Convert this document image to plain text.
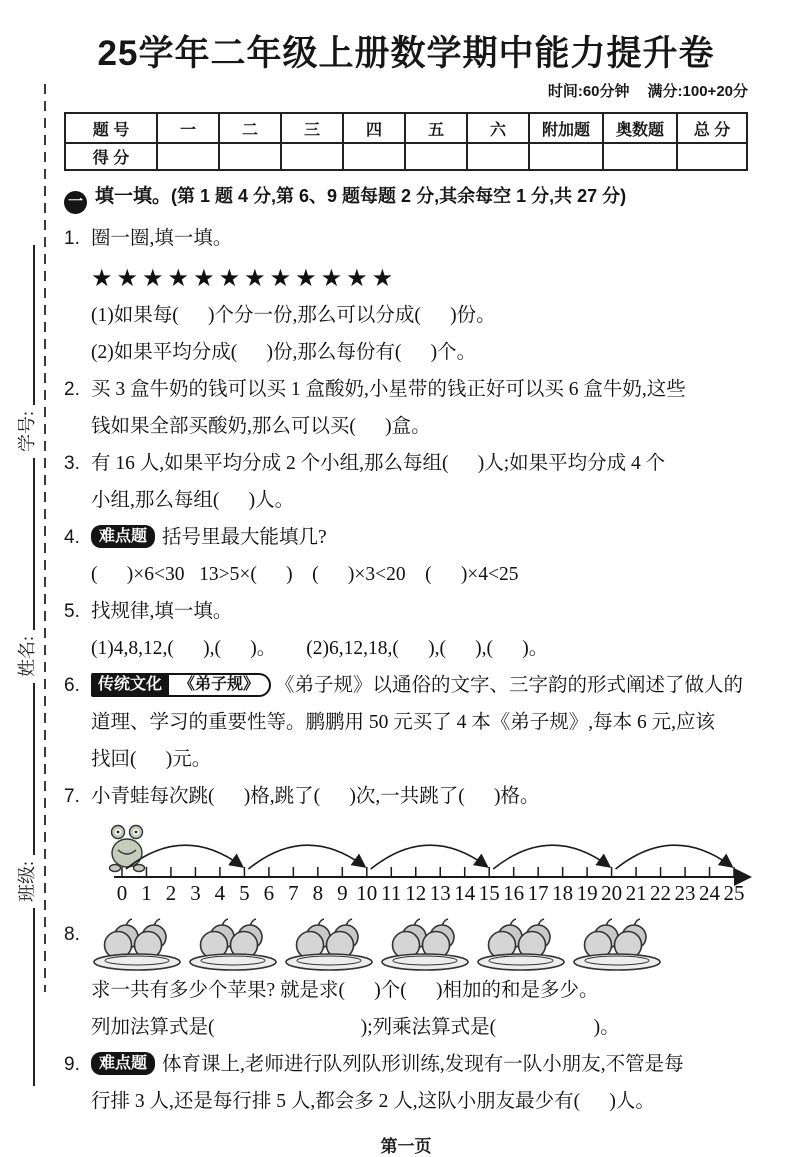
班级:
姓名:
学号:
25学年二年级上册数学期中能力提升卷
时间:60分钟 满分:100+20分
题 号	一	二	三	四	五	六	附加题	奥数题	总 分
得 分									
一 填一填。(第 1 题 4 分,第 6、9 题每题 2 分,其余每空 1 分,共 27 分)
1. 圈一圈,填一填。
★★★★★★★★★★★★
(1)如果每(      )个分一份,那么可以分成(      )份。
(2)如果平均分成(      )份,那么每份有(      )个。
2. 买 3 盒牛奶的钱可以买 1 盒酸奶,小星带的钱正好可以买 6 盒牛奶,这些
钱如果全部买酸奶,那么可以买(      )盒。
3. 有 16 人,如果平均分成 2 个小组,那么每组(      )人;如果平均分成 4 个
小组,那么每组(      )人。
4.	难点题 括号里最大能填几?
(      )×6<30   13>5×(      )    (      )×3<20    (      )×4<25
5. 找规律,填一填。
(1)4,8,12,(      ),(      )。 (2)6,12,18,(      ),(      ),(      )。
6.	传统文化 《弟子规》 《弟子规》以通俗的文字、三字韵的形式阐述了做人的
道理、学习的重要性等。鹏鹏用 50 元买了 4 本《弟子规》,每本 6 元,应该
找回(      )元。
7. 小青蛙每次跳(      )格,跳了(      )次,一共跳了(      )格。
0 1 2 3 4 5 6 7 8 9 10 11 12 13 14 15 16 17 18 19 20 21 22 23 24 25
8.
求一共有多少个苹果? 就是求(      )个(      )相加的和是多少。
列加法算式是(                              );列乘法算式是(                    )。
9.	难点题 体育课上,老师进行队列队形训练,发现有一队小朋友,不管是每
行排 3 人,还是每行排 5 人,都会多 2 人,这队小朋友最少有(      )人。
第一页
